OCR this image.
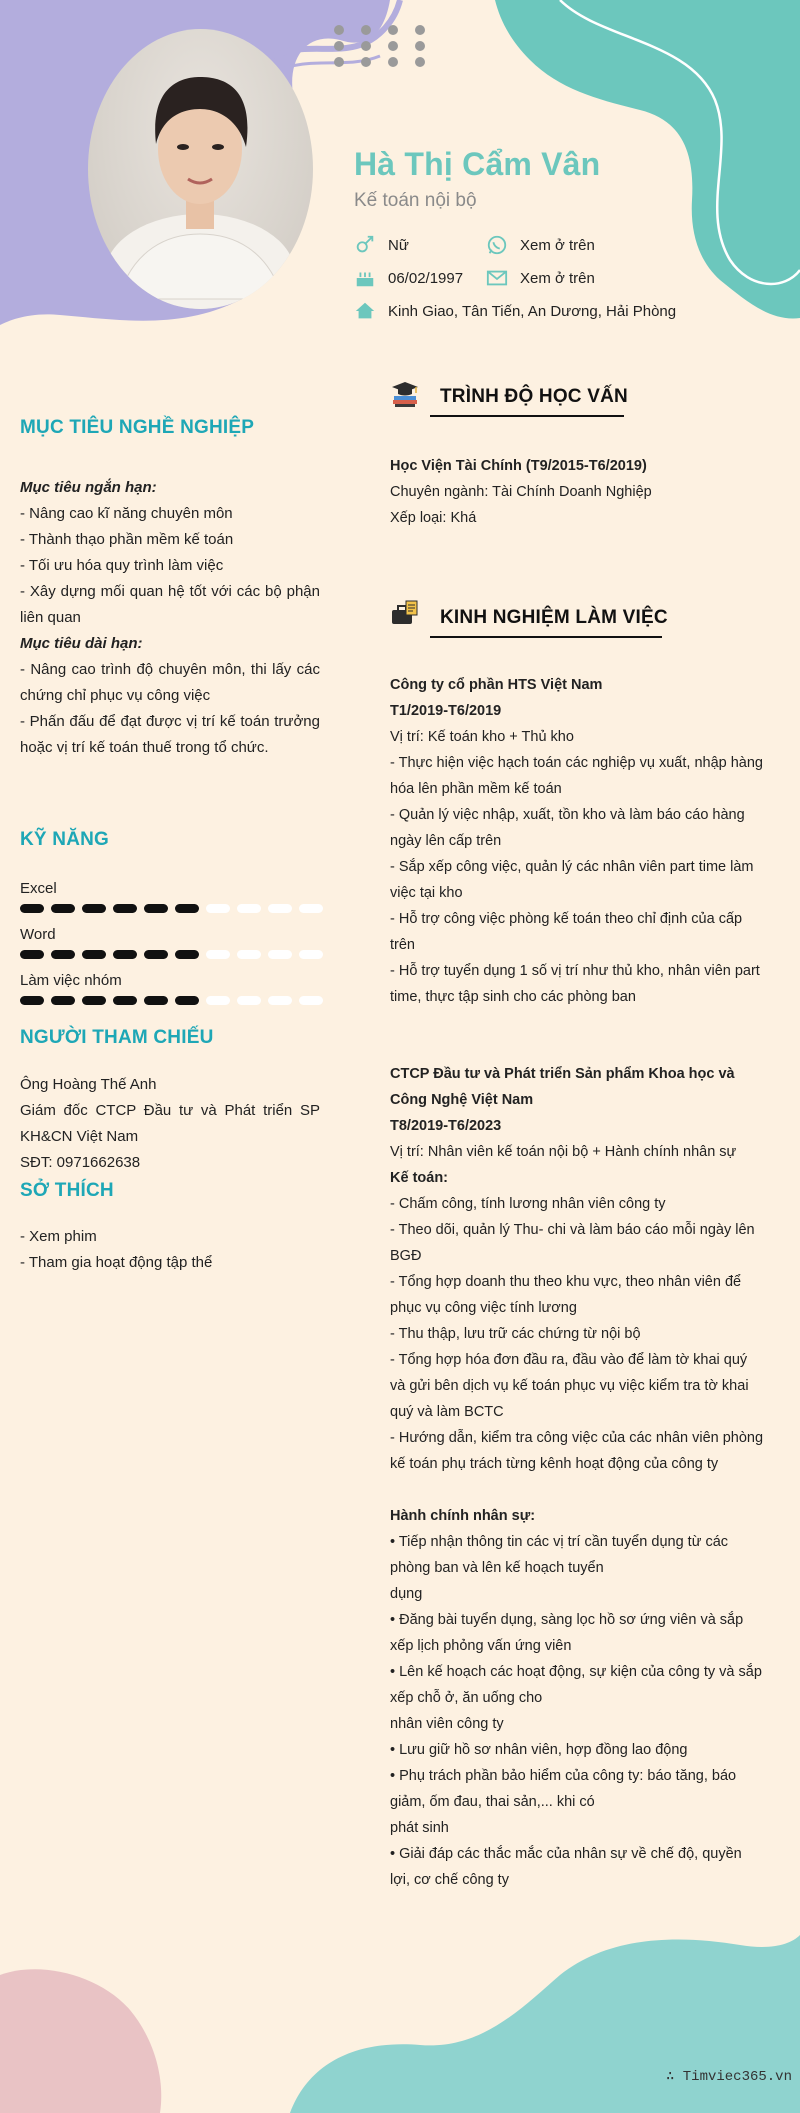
Hà Thị Cẩm Vân
Kế toán nội bộ
Nữ	Xem ở trên
06/02/1997	Xem ở trên
Kinh Giao, Tân Tiến, An Dương, Hải Phòng
MỤC TIÊU NGHỀ NGHIỆP

Mục tiêu ngắn hạn:

- Nâng cao kĩ năng chuyên môn

- Thành thạo phần mềm kế toán

- Tối ưu hóa quy trình làm việc

- Xây dựng mối quan hệ tốt với các bộ phận liên quan

Mục tiêu dài hạn:

- Nâng cao trình độ chuyên môn, thi lấy các chứng chỉ phục vụ công việc

- Phấn đấu để đạt được vị trí kế toán trưởng hoặc vị trí kế toán thuế trong tổ chức.

KỸ NĂNG
Excel
Word
Làm việc nhóm
NGƯỜI THAM CHIẾU

Ông Hoàng Thế Anh

Giám đốc CTCP Đầu tư và Phát triển SP KH&CN Việt Nam

SĐT: 0971662638

SỞ THÍCH

- Xem phim

- Tham gia hoạt động tập thể

TRÌNH ĐỘ HỌC VẤN

Học Viện Tài Chính (T9/2015-T6/2019)

Chuyên ngành: Tài Chính Doanh Nghiệp

Xếp loại: Khá

KINH NGHIỆM LÀM VIỆC

Công ty cổ phần HTS Việt Nam

T1/2019-T6/2019

Vị trí: Kế toán kho + Thủ kho

- Thực hiện việc hạch toán các nghiệp vụ xuất, nhập hàng hóa lên phần mềm kế toán

- Quản lý việc nhập, xuất, tồn kho và làm báo cáo hàng ngày lên cấp trên

- Sắp xếp công việc, quản lý các nhân viên part time làm việc tại kho

- Hỗ trợ công việc phòng kế toán theo chỉ định của cấp trên

- Hỗ trợ tuyển dụng 1 số vị trí như thủ kho, nhân viên part time, thực tập sinh cho các phòng ban

CTCP Đầu tư và Phát triển Sản phẩm Khoa học và Công Nghệ Việt Nam

T8/2019-T6/2023

Vị trí: Nhân viên kế toán nội bộ + Hành chính nhân sự

Kế toán:

- Chấm công, tính lương nhân viên công ty

- Theo dõi, quản lý Thu- chi và làm báo cáo mỗi ngày lên BGĐ

- Tổng hợp doanh thu theo khu vực, theo nhân viên để phục vụ công việc tính lương

- Thu thập, lưu trữ các chứng từ nội bộ

- Tổng hợp hóa đơn đầu ra, đầu vào để làm tờ khai quý và gửi bên dịch vụ kế toán phục vụ việc kiểm tra tờ khai quý và làm BCTC

- Hướng dẫn, kiểm tra công việc của các nhân viên phòng kế toán phụ trách từng kênh hoạt động của công ty

Hành chính nhân sự:

• Tiếp nhận thông tin các vị trí cần tuyển dụng từ các phòng ban và lên kế hoạch tuyển

dụng

• Đăng bài tuyển dụng, sàng lọc hồ sơ ứng viên và sắp xếp lịch phỏng vấn ứng viên

• Lên kế hoạch các hoạt động, sự kiện của công ty và sắp xếp chỗ ở, ăn uống cho

nhân viên công ty

• Lưu giữ hồ sơ nhân viên, hợp đồng lao động

• Phụ trách phần bảo hiểm của công ty: báo tăng, báo giảm, ốm đau, thai sản,... khi có

phát sinh

• Giải đáp các thắc mắc của nhân sự về chế độ, quyền lợi, cơ chế công ty

∴ Timviec365.vn
